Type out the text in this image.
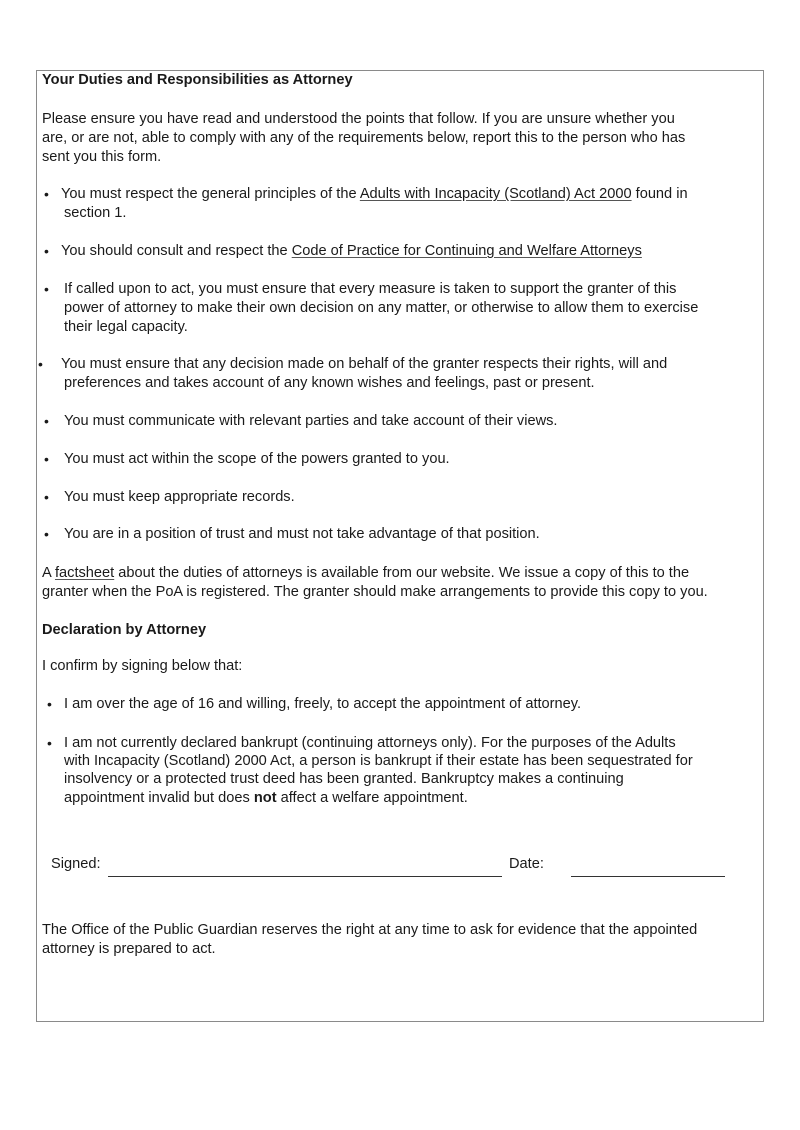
Your Duties and Responsibilities as Attorney
Please ensure you have read and understood the points that follow. If you are unsure whether you
are, or are not, able to comply with any of the requirements below, report this to the person who has
sent you this form.
• You must respect the general principles of the Adults with Incapacity (Scotland) Act 2000 found in
section 1.
• You should consult and respect the Code of Practice for Continuing and Welfare Attorneys
• If called upon to act, you must ensure that every measure is taken to support the granter of this
power of attorney to make their own decision on any matter, or otherwise to allow them to exercise
their legal capacity.
• You must ensure that any decision made on behalf of the granter respects their rights, will and
preferences and takes account of any known wishes and feelings, past or present.
• You must communicate with relevant parties and take account of their views.
• You must act within the scope of the powers granted to you.
• You must keep appropriate records.
• You are in a position of trust and must not take advantage of that position.
A factsheet about the duties of attorneys is available from our website. We issue a copy of this to the
granter when the PoA is registered. The granter should make arrangements to provide this copy to you.
Declaration by Attorney
I confirm by signing below that:
• I am over the age of 16 and willing, freely, to accept the appointment of attorney.
• I am not currently declared bankrupt (continuing attorneys only). For the purposes of the Adults
with Incapacity (Scotland) 2000 Act, a person is bankrupt if their estate has been sequestrated for
insolvency or a protected trust deed has been granted. Bankruptcy makes a continuing
appointment invalid but does not affect a welfare appointment.
Signed:	Date:
The Office of the Public Guardian reserves the right at any time to ask for evidence that the appointed
attorney is prepared to act.
